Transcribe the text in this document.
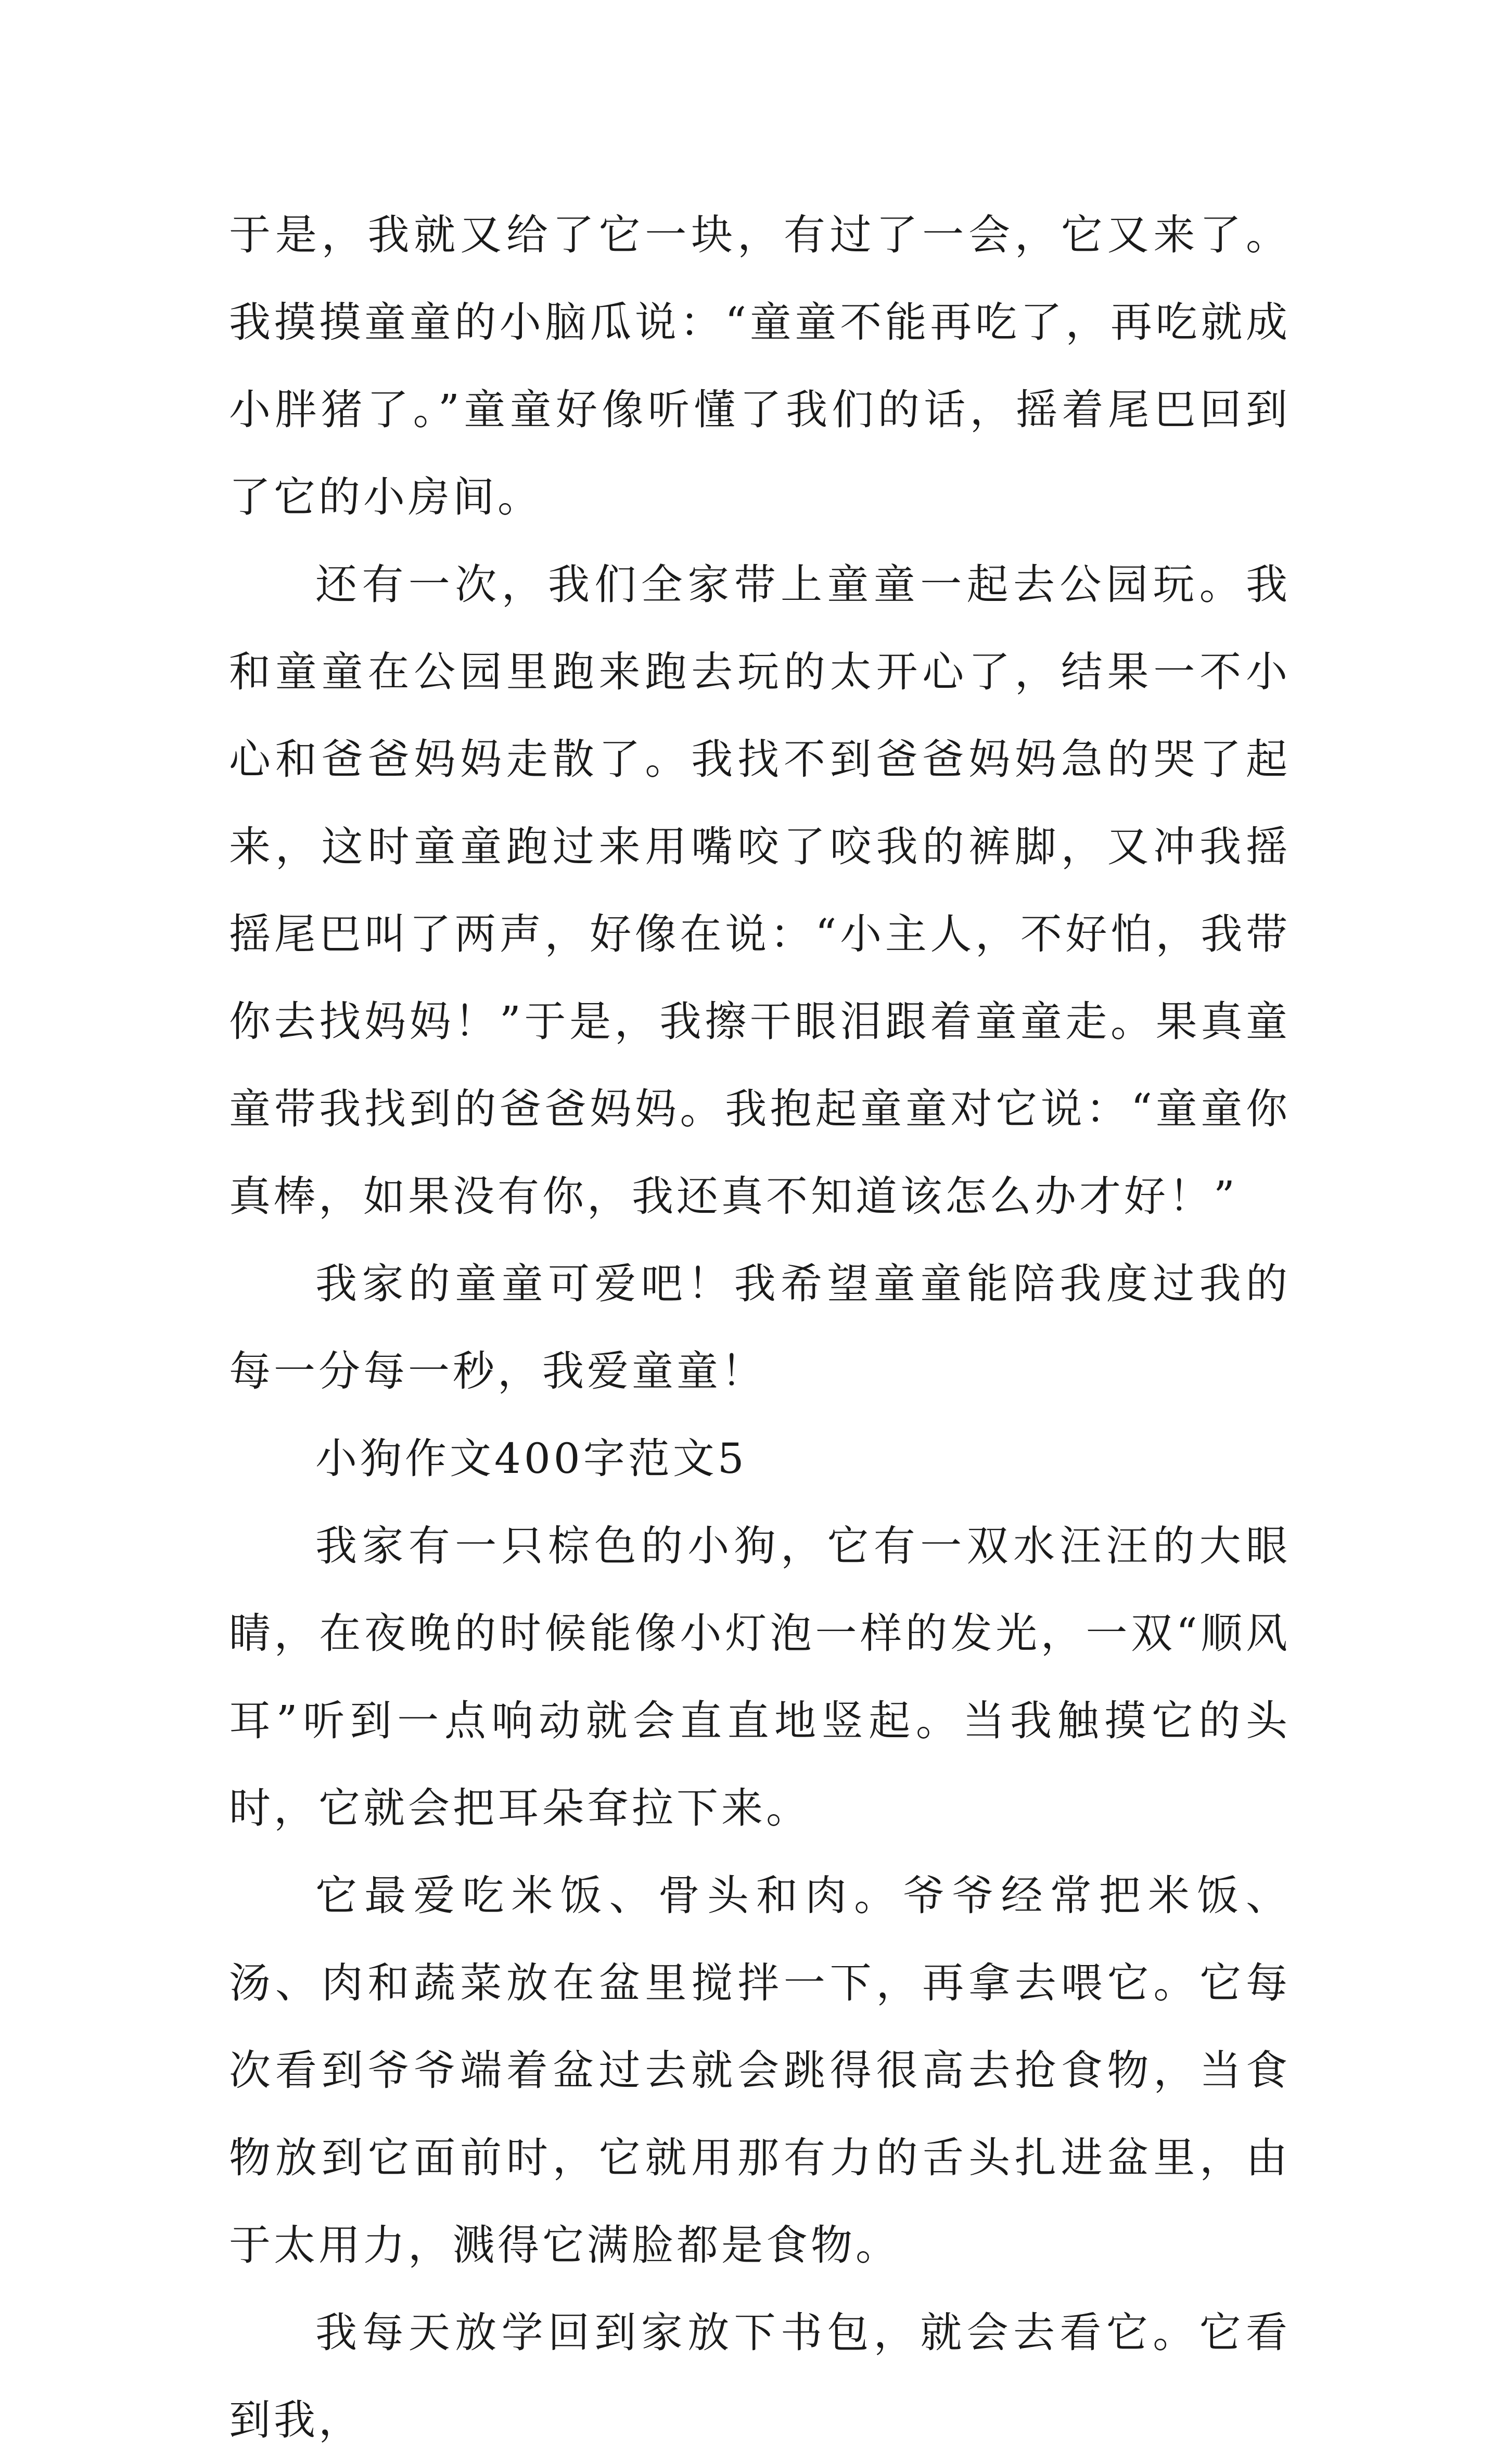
于是，我就又给了它一块，有过了一会，它又来了。我摸摸童童的小脑瓜说：“童童不能再吃了，再吃就成小胖猪了。”童童好像听懂了我们的话，摇着尾巴回到了它的小房间。

还有一次，我们全家带上童童一起去公园玩。我和童童在公园里跑来跑去玩的太开心了，结果一不小心和爸爸妈妈走散了。我找不到爸爸妈妈急的哭了起来，这时童童跑过来用嘴咬了咬我的裤脚，又冲我摇摇尾巴叫了两声，好像在说：“小主人，不好怕，我带你去找妈妈！”于是，我擦干眼泪跟着童童走。果真童童带我找到的爸爸妈妈。我抱起童童对它说：“童童你真棒，如果没有你，我还真不知道该怎么办才好！”

我家的童童可爱吧！我希望童童能陪我度过我的每一分每一秒，我爱童童！

小狗作文400字范文5

我家有一只棕色的小狗，它有一双水汪汪的大眼睛，在夜晚的时候能像小灯泡一样的发光，一双“顺风耳”听到一点响动就会直直地竖起。当我触摸它的头时，它就会把耳朵耷拉下来。

它最爱吃米饭、骨头和肉。爷爷经常把米饭、汤、肉和蔬菜放在盆里搅拌一下，再拿去喂它。它每次看到爷爷端着盆过去就会跳得很高去抢食物，当食物放到它面前时，它就用那有力的舌头扎进盆里，由于太用力，溅得它满脸都是食物。

我每天放学回到家放下书包，就会去看它。它看到我，
